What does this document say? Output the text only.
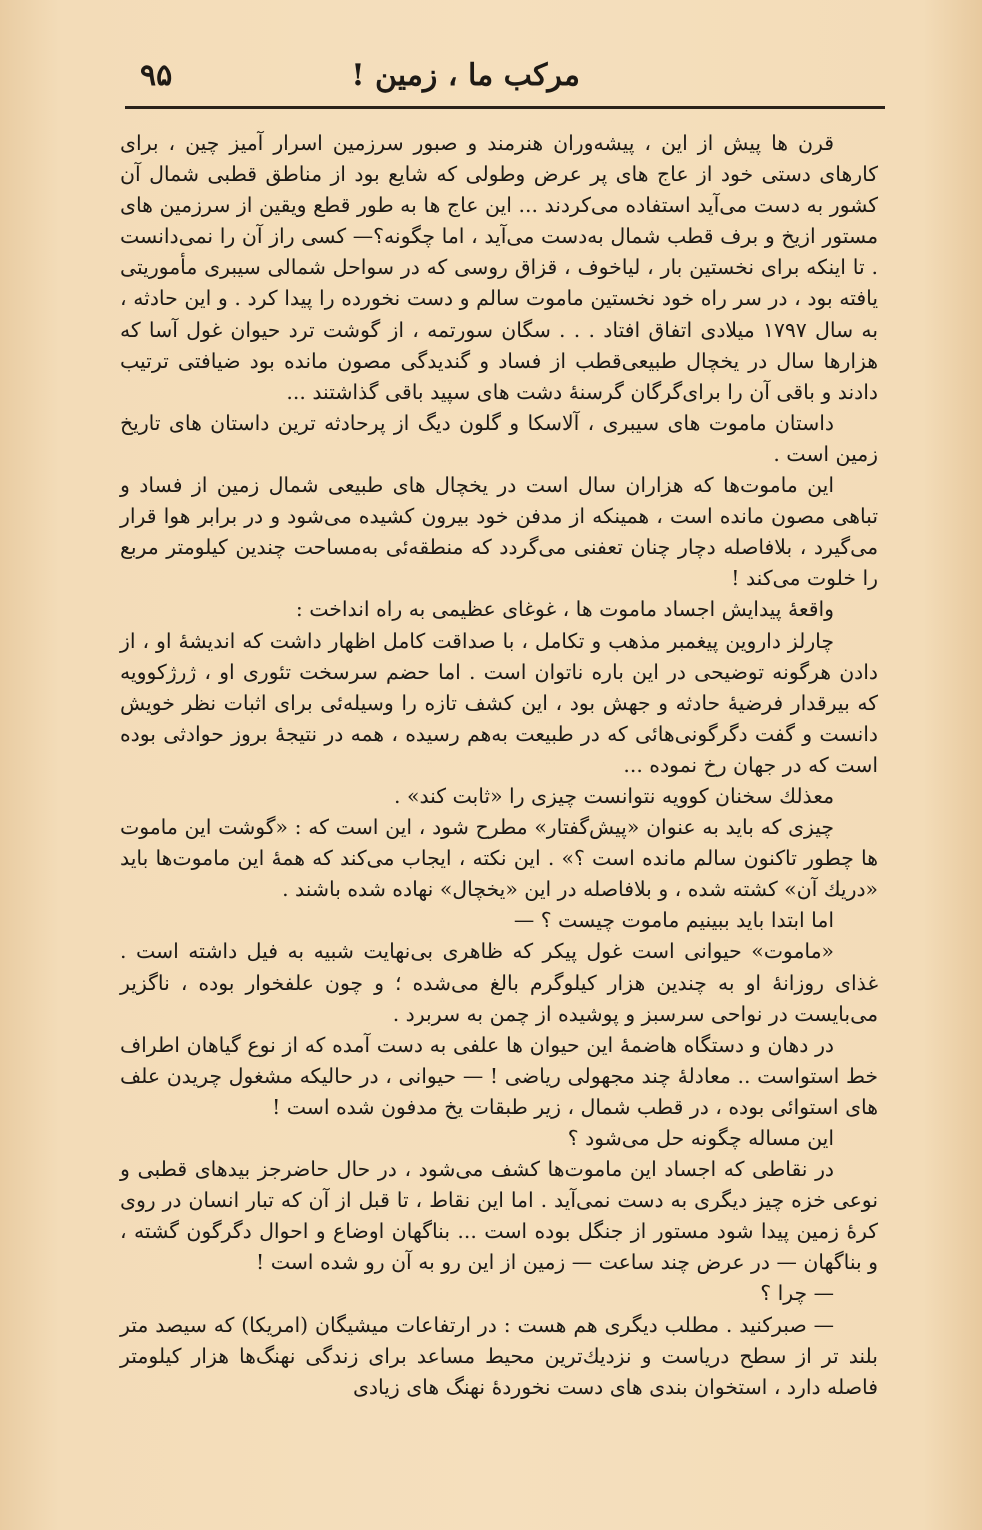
مرکب ما ، زمین !
۹۵

قرن ها پیش از این ، پیشه‌وران هنرمند و صبور سرزمین اسرار آمیز چین ، برای کارهای دستی خود از عاج های پر عرض وطولی که شایع بود از مناطق قطبی شمال آن کشور به دست می‌آید استفاده می‌کردند ... این عاج ها به طور قطع ویقین از سرزمین های مستور ازیخ و برف قطب شمال به‌دست می‌آید ، اما چگونه؟— کسی راز آن را نمی‌دانست . تا اینکه برای نخستین بار ، لیاخوف ، قزاق روسی که در سواحل شمالی سیبری مأموریتی یافته بود ، در سر راه خود نخستین ماموت سالم و دست نخورده را پیدا کرد . و این حادثه ، به سال ۱۷۹۷ میلادی اتفاق افتاد . . . سگان سورتمه ، از گوشت ترد حیوان غول آسا که هزارها سال در یخچال طبیعی‌قطب از فساد و گندیدگی مصون مانده بود ضیافتی ترتیب دادند و باقی آن را برای‌گرگان گرسنهٔ دشت های سپید باقی گذاشتند ...

داستان ماموت های سیبری ، آلاسکا و گلون دیگ از پرحادثه ترین داستان های تاریخ زمین است .

این ماموت‌ها که هزاران سال است در یخچال های طبیعی شمال زمین از فساد و تباهی مصون مانده است ، همینکه از مدفن خود بیرون کشیده می‌شود و در برابر هوا قرار می‌گیرد ، بلافاصله دچار چنان تعفنی می‌گردد که منطقه‌ئی به‌مساحت چندین کیلومتر مربع را خلوت می‌کند !

واقعهٔ پیدایش اجساد ماموت ها ، غوغای عظیمی به راه انداخت :

چارلز داروین پیغمبر مذهب و تکامل ، با صداقت کامل اظهار داشت که اندیشهٔ او ، از دادن هرگونه توضیحی در این باره ناتوان است . اما حضم سرسخت تئوری او ، ژرژکوویه که بیرقدار فرضیهٔ حادثه و جهش بود ، این کشف تازه را وسیله‌ئی برای اثبات نظر خویش دانست و گفت دگرگونی‌هائی که در طبیعت به‌هم رسیده ، همه در نتیجهٔ بروز حوادثی بوده است که در جهان رخ نموده ...

معذلك سخنان کوویه نتوانست چیزی را «ثابت کند» .

چیزی که باید به عنوان «پیش‌گفتار» مطرح شود ، این است که : «گوشت این ماموت ها چطور تاکنون سالم مانده است ؟» . این نکته ، ایجاب می‌کند که همهٔ این ماموت‌ها باید «دریك آن» کشته شده ، و بلافاصله در این «یخچال» نهاده شده باشند .

اما ابتدا باید ببینیم ماموت چیست ؟ —

«ماموت» حیوانی است غول پیکر که ظاهری بی‌نهایت شبیه به فیل داشته است . غذای روزانهٔ او به چندین هزار کیلوگرم بالغ می‌شده ؛ و چون علفخوار بوده ، ناگزیر می‌بایست در نواحی سرسبز و پوشیده از چمن به سربرد .

در دهان و دستگاه هاضمهٔ این حیوان ها علفی به دست آمده که از نوع گیاهان اطراف خط استواست .. معادلهٔ چند مجهولی ریاضی ! — حیوانی ، در حالیکه مشغول چریدن علف های استوائی بوده ، در قطب شمال ، زیر طبقات یخ مدفون شده است !

این مساله چگونه حل می‌شود ؟

در نقاطی که اجساد این ماموت‌ها کشف می‌شود ، در حال حاضرجز بیدهای قطبی و نوعی خزه چیز دیگری به دست نمی‌آید . اما این نقاط ، تا قبل از آن که تبار انسان در روی کرهٔ زمین پیدا شود مستور از جنگل بوده است ... بناگهان اوضاع و احوال دگرگون گشته ، و بناگهان — در عرض چند ساعت — زمین از این رو به آن رو شده است !

— چرا ؟

— صبرکنید . مطلب دیگری هم هست : در ارتفاعات میشیگان (امریکا) که سیصد متر بلند تر از سطح دریاست و نزدیك‌ترین محیط مساعد برای زندگی نهنگ‌ها هزار کیلومتر فاصله دارد ، استخوان بندی های دست نخوردهٔ نهنگ های زیادی
